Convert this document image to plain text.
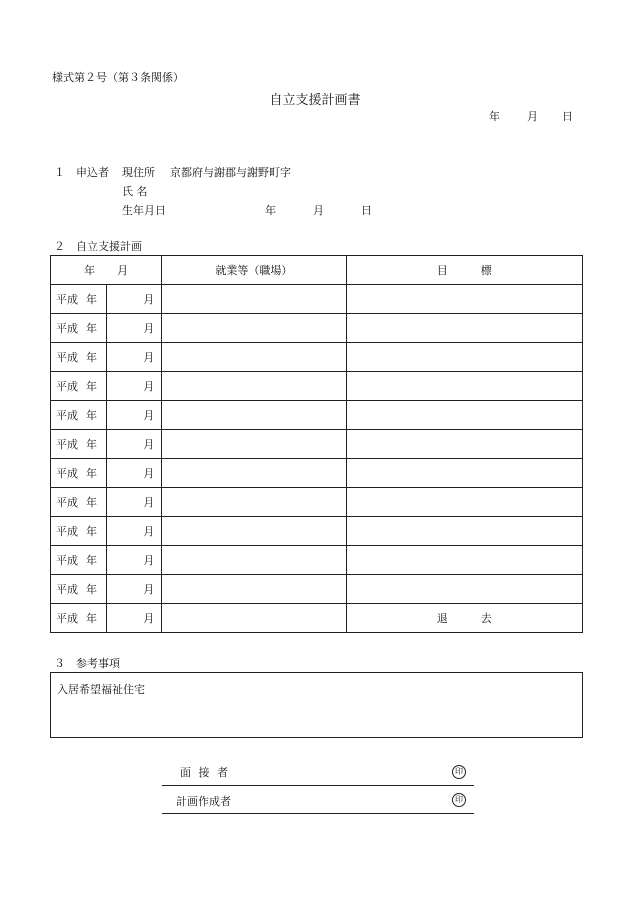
様式第２号（第３条関係）
自立支援計画書
年 月 日
１ 申込者 現住所 京都府与謝郡与謝野町字
氏 名
生年月日	年	月	日
２ 自立支援計画
年　　月		就業等（職場）	目　　　標
平成 年	月		
平成 年	月		
平成 年	月		
平成 年	月		
平成 年	月		
平成 年	月		
平成 年	月		
平成 年	月		
平成 年	月		
平成 年	月		
平成 年	月		
平成 年	月		退　　　去
３ 参考事項
入居希望福祉住宅
面 接 者	印
計画作成者	印
